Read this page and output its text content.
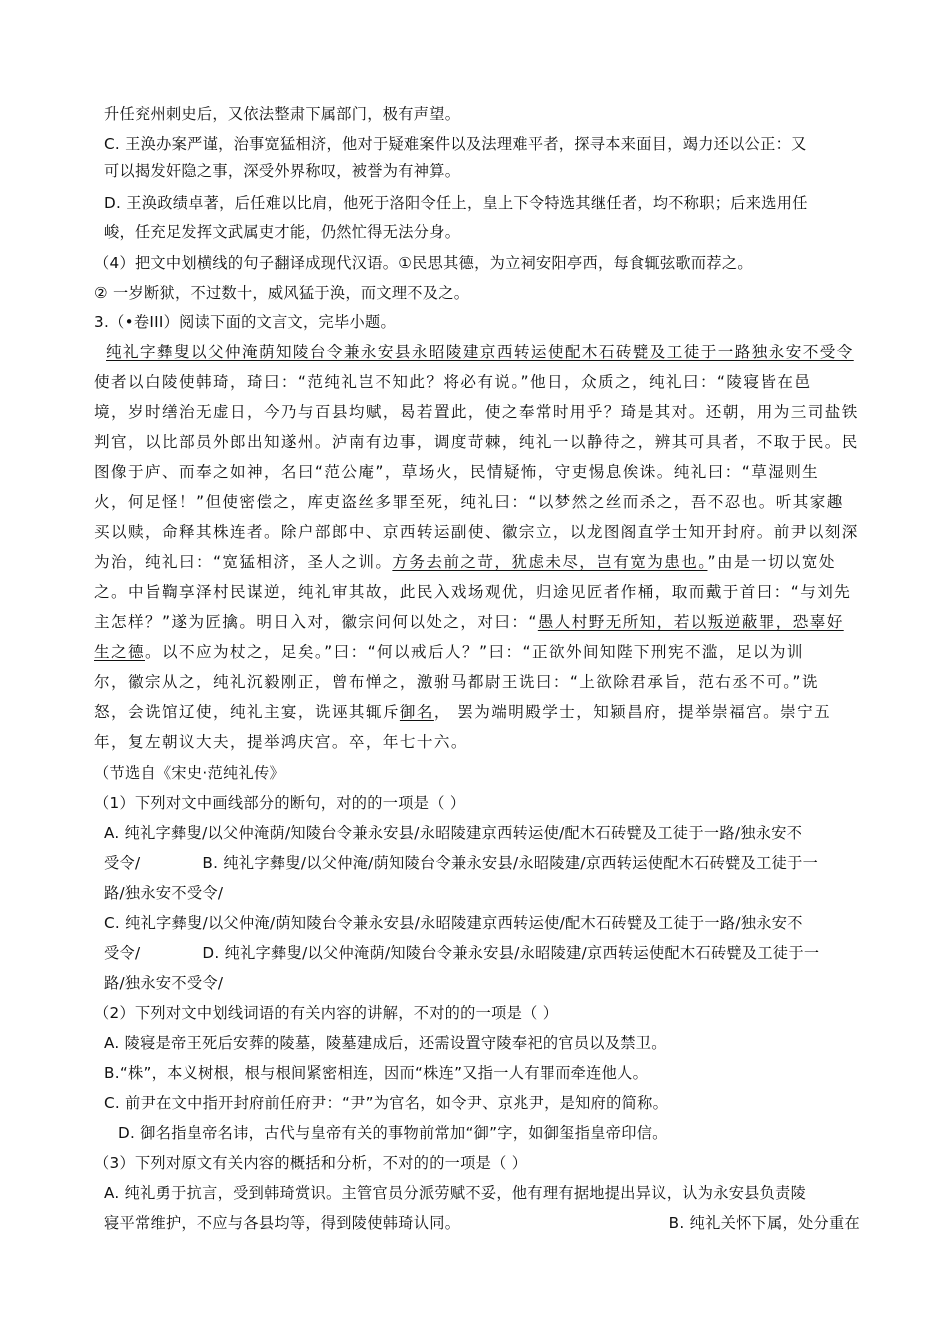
升任兖州刺史后，又依法整肃下属部门，极有声望。
C. 王涣办案严谨，治事宽猛相济，他对于疑难案件以及法理难平者，探寻本来面目，竭力还以公正：又
可以揭发奸隐之事，深受外界称叹，被誉为有神算。
D. 王涣政绩卓著，后任难以比肩，他死于洛阳令任上，皇上下令特选其继任者，均不称职；后来选用任
峻，任充足发挥文武属吏才能，仍然忙得无法分身。
（4）把文中划横线的句子翻译成现代汉语。①民思其德，为立祠安阳亭西，每食辄弦歌而荐之。
② 一岁断狱，不过数十，威风猛于涣，而文理不及之。
3.（•卷III）阅读下面的文言文，完毕小题。
纯礼字彝叟以父仲淹荫知陵台令兼永安县永昭陵建京西转运使配木石砖甓及工徒于一路独永安不受令
使者以白陵使韩琦，琦曰：“范纯礼岂不知此？将必有说。”他日，众质之，纯礼曰：“陵寝皆在邑
境，岁时缮治无虚日，今乃与百县均赋，曷若置此，使之奉常时用乎？琦是其对。还朝，用为三司盐铁
判官，以比部员外郎出知遂州。泸南有边事，调度苛棘，纯礼一以静待之，辨其可具者，不取于民。民
图像于庐、而奉之如神，名曰“范公庵”，草场火，民情疑怖，守吏惕息俟诛。纯礼曰：“草湿则生
火，何足怪！”但使密偿之，库吏盗丝多罪至死，纯礼曰：“以梦然之丝而杀之，吾不忍也。听其家趣
买以赎，命释其株连者。除户部郎中、京西转运副使、徽宗立，以龙图阁直学士知开封府。前尹以刻深
为治，纯礼曰：“宽猛相济，圣人之训。方务去前之苛，犹虑未尽，岂有宽为患也。”由是一切以宽处
之。中旨鞫享泽村民谋逆，纯礼审其故，此民入戏场观优，归途见匠者作桶，取而戴于首曰：“与刘先
主怎样？”遂为匠擒。明日入对，徽宗问何以处之，对曰：“愚人村野无所知，若以叛逆蔽罪，恐辜好
生之德。以不应为杖之，足矣。”曰：“何以戒后人？”曰：“正欲外间知陛下刑宪不滥，足以为训
尔，徽宗从之，纯礼沉毅刚正，曾布惮之，激驸马都尉王诜曰：“上欲除君承旨，范右丞不可。”诜
怒，会诜馆辽使，纯礼主宴，诜诬其辄斥御名， 罢为端明殿学士，知颍昌府，提举崇福宫。崇宁五
年，复左朝议大夫，提举鸿庆宫。卒，年七十六。
（节选自《宋史·范纯礼传》
（1）下列对文中画线部分的断句，对的的一项是（ ）
A. 纯礼字彝叟/以父仲淹荫/知陵台令兼永安县/永昭陵建京西转运使/配木石砖甓及工徒于一路/独永安不
受令/	B. 纯礼字彝叟/以父仲淹/荫知陵台令兼永安县/永昭陵建/京西转运使配木石砖甓及工徒于一
路/独永安不受令/
C. 纯礼字彝叟/以父仲淹/荫知陵台令兼永安县/永昭陵建京西转运使/配木石砖甓及工徒于一路/独永安不
受令/	D. 纯礼字彝叟/以父仲淹荫/知陵台令兼永安县/永昭陵建/京西转运使配木石砖甓及工徒于一
路/独永安不受令/
（2）下列对文中划线词语的有关内容的讲解，不对的的一项是（ ）
A. 陵寝是帝王死后安葬的陵墓，陵墓建成后，还需设置守陵奉祀的官员以及禁卫。
B.“株”，本义树根，根与根间紧密相连，因而“株连”又指一人有罪而牵连他人。
C. 前尹在文中指开封府前任府尹：“尹”为官名，如令尹、京兆尹，是知府的简称。
D. 御名指皇帝名讳，古代与皇帝有关的事物前常加“御”字，如御玺指皇帝印信。
（3）下列对原文有关内容的概括和分析，不对的的一项是（ ）
A. 纯礼勇于抗言，受到韩琦赏识。主管官员分派劳赋不妥，他有理有据地提出异议，认为永安县负责陵
寝平常维护，不应与各县均等，得到陵使韩琦认同。	B. 纯礼关怀下属，处分重在
